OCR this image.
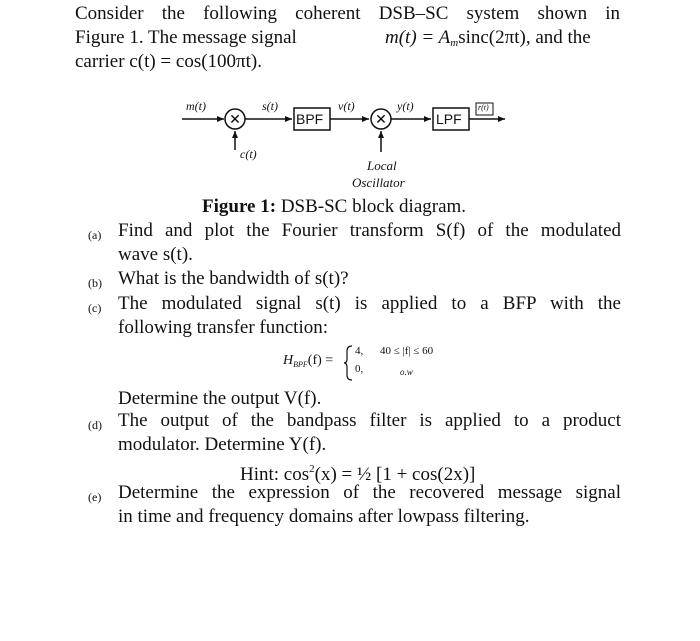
Consider the following coherent DSB–SC system shown in
Figure 1. The message signal	$m(t) = A_m\sin c(2\pi t)$, and the
carrier c(t) = cos(100πt).
✕	✕
m(t)	s(t)
BPF
v(t)	y(t)
LPF
r(t)
c(t)
Local
Oscillator
Figure 1: DSB-SC block diagram.
(a) Find and plot the Fourier transform S(f) of the modulated
wave s(t).
(b) What is the bandwidth of s(t)?
(c) The modulated signal s(t) is applied to a BFP with the
following transfer function:
$H_{BPF}(f)$ =
4, 40 ≤ |f| ≤ 60
0,	o.w
Determine the output V(f).
(d) The output of the bandpass filter is applied to a product
modulator. Determine Y(f).
Hint: $\cos^2(x)$ = ½ [1 + cos(2x)]
(e) Determine the expression of the recovered message signal
in time and frequency domains after lowpass filtering.
